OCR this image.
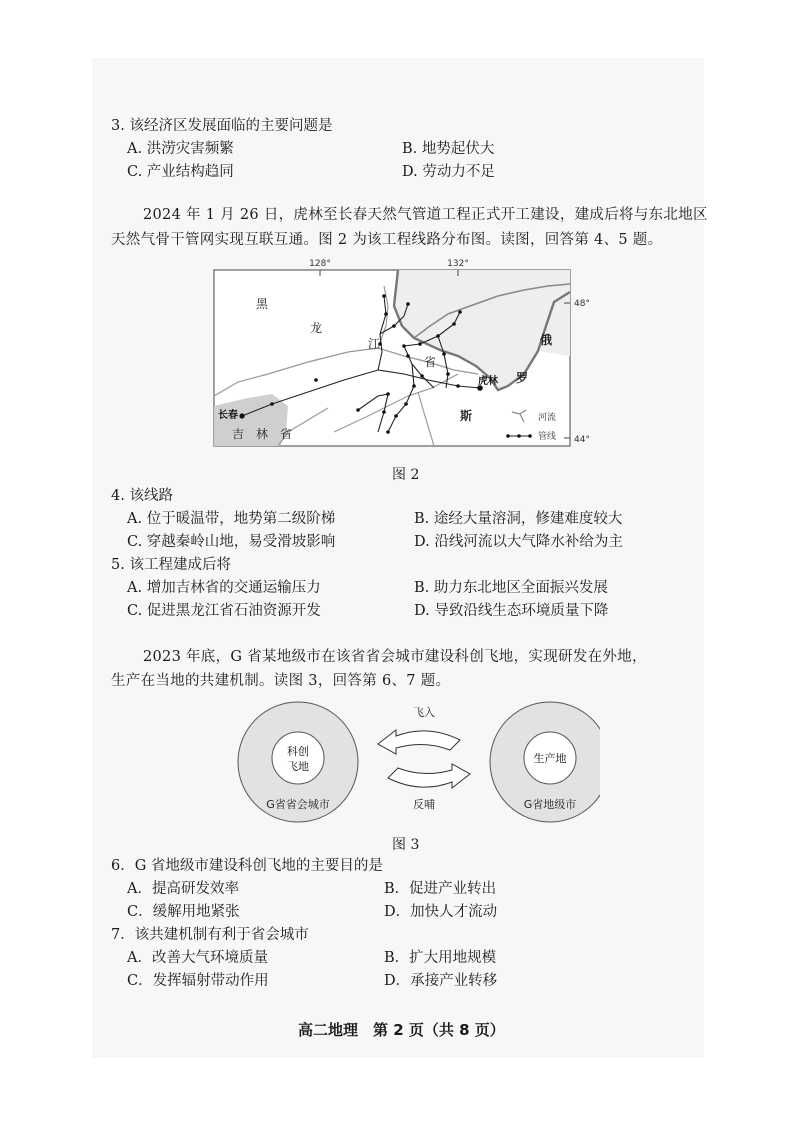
3. 该经济区发展面临的主要问题是
A. 洪涝灾害频繁	B. 地势起伏大
C. 产业结构趋同	D. 劳动力不足
2024 年 1 月 26 日，虎林至长春天然气管道工程正式开工建设，建成后将与东北地区
天然气骨干管网实现互联互通。图 2 为该工程线路分布图。读图，回答第 4、5 题。
128°	132°
48°
44°
黑
龙
江
省
俄
罗
斯
虎林
长春
吉　林　省
河流
管线
图 2
4. 该线路
A. 位于暖温带，地势第二级阶梯	B. 途经大量溶洞，修建难度较大
C. 穿越秦岭山地，易受滑坡影响	D. 沿线河流以大气降水补给为主
5. 该工程建成后将
A. 增加吉林省的交通运输压力	B. 助力东北地区全面振兴发展
C. 促进黑龙江省石油资源开发	D. 导致沿线生态环境质量下降
2023 年底，G 省某地级市在该省省会城市建设科创飞地，实现研发在外地，
生产在当地的共建机制。读图 3，回答第 6、7 题。
科创
飞地
G省省会城市
生产地
G省地级市
飞入
反哺
图 3
6．G 省地级市建设科创飞地的主要目的是
A．提高研发效率	B．促进产业转出
C．缓解用地紧张	D．加快人才流动
7．该共建机制有利于省会城市
A．改善大气环境质量	B．扩大用地规模
C．发挥辐射带动作用	D．承接产业转移
高二地理　第 2 页（共 8 页）
